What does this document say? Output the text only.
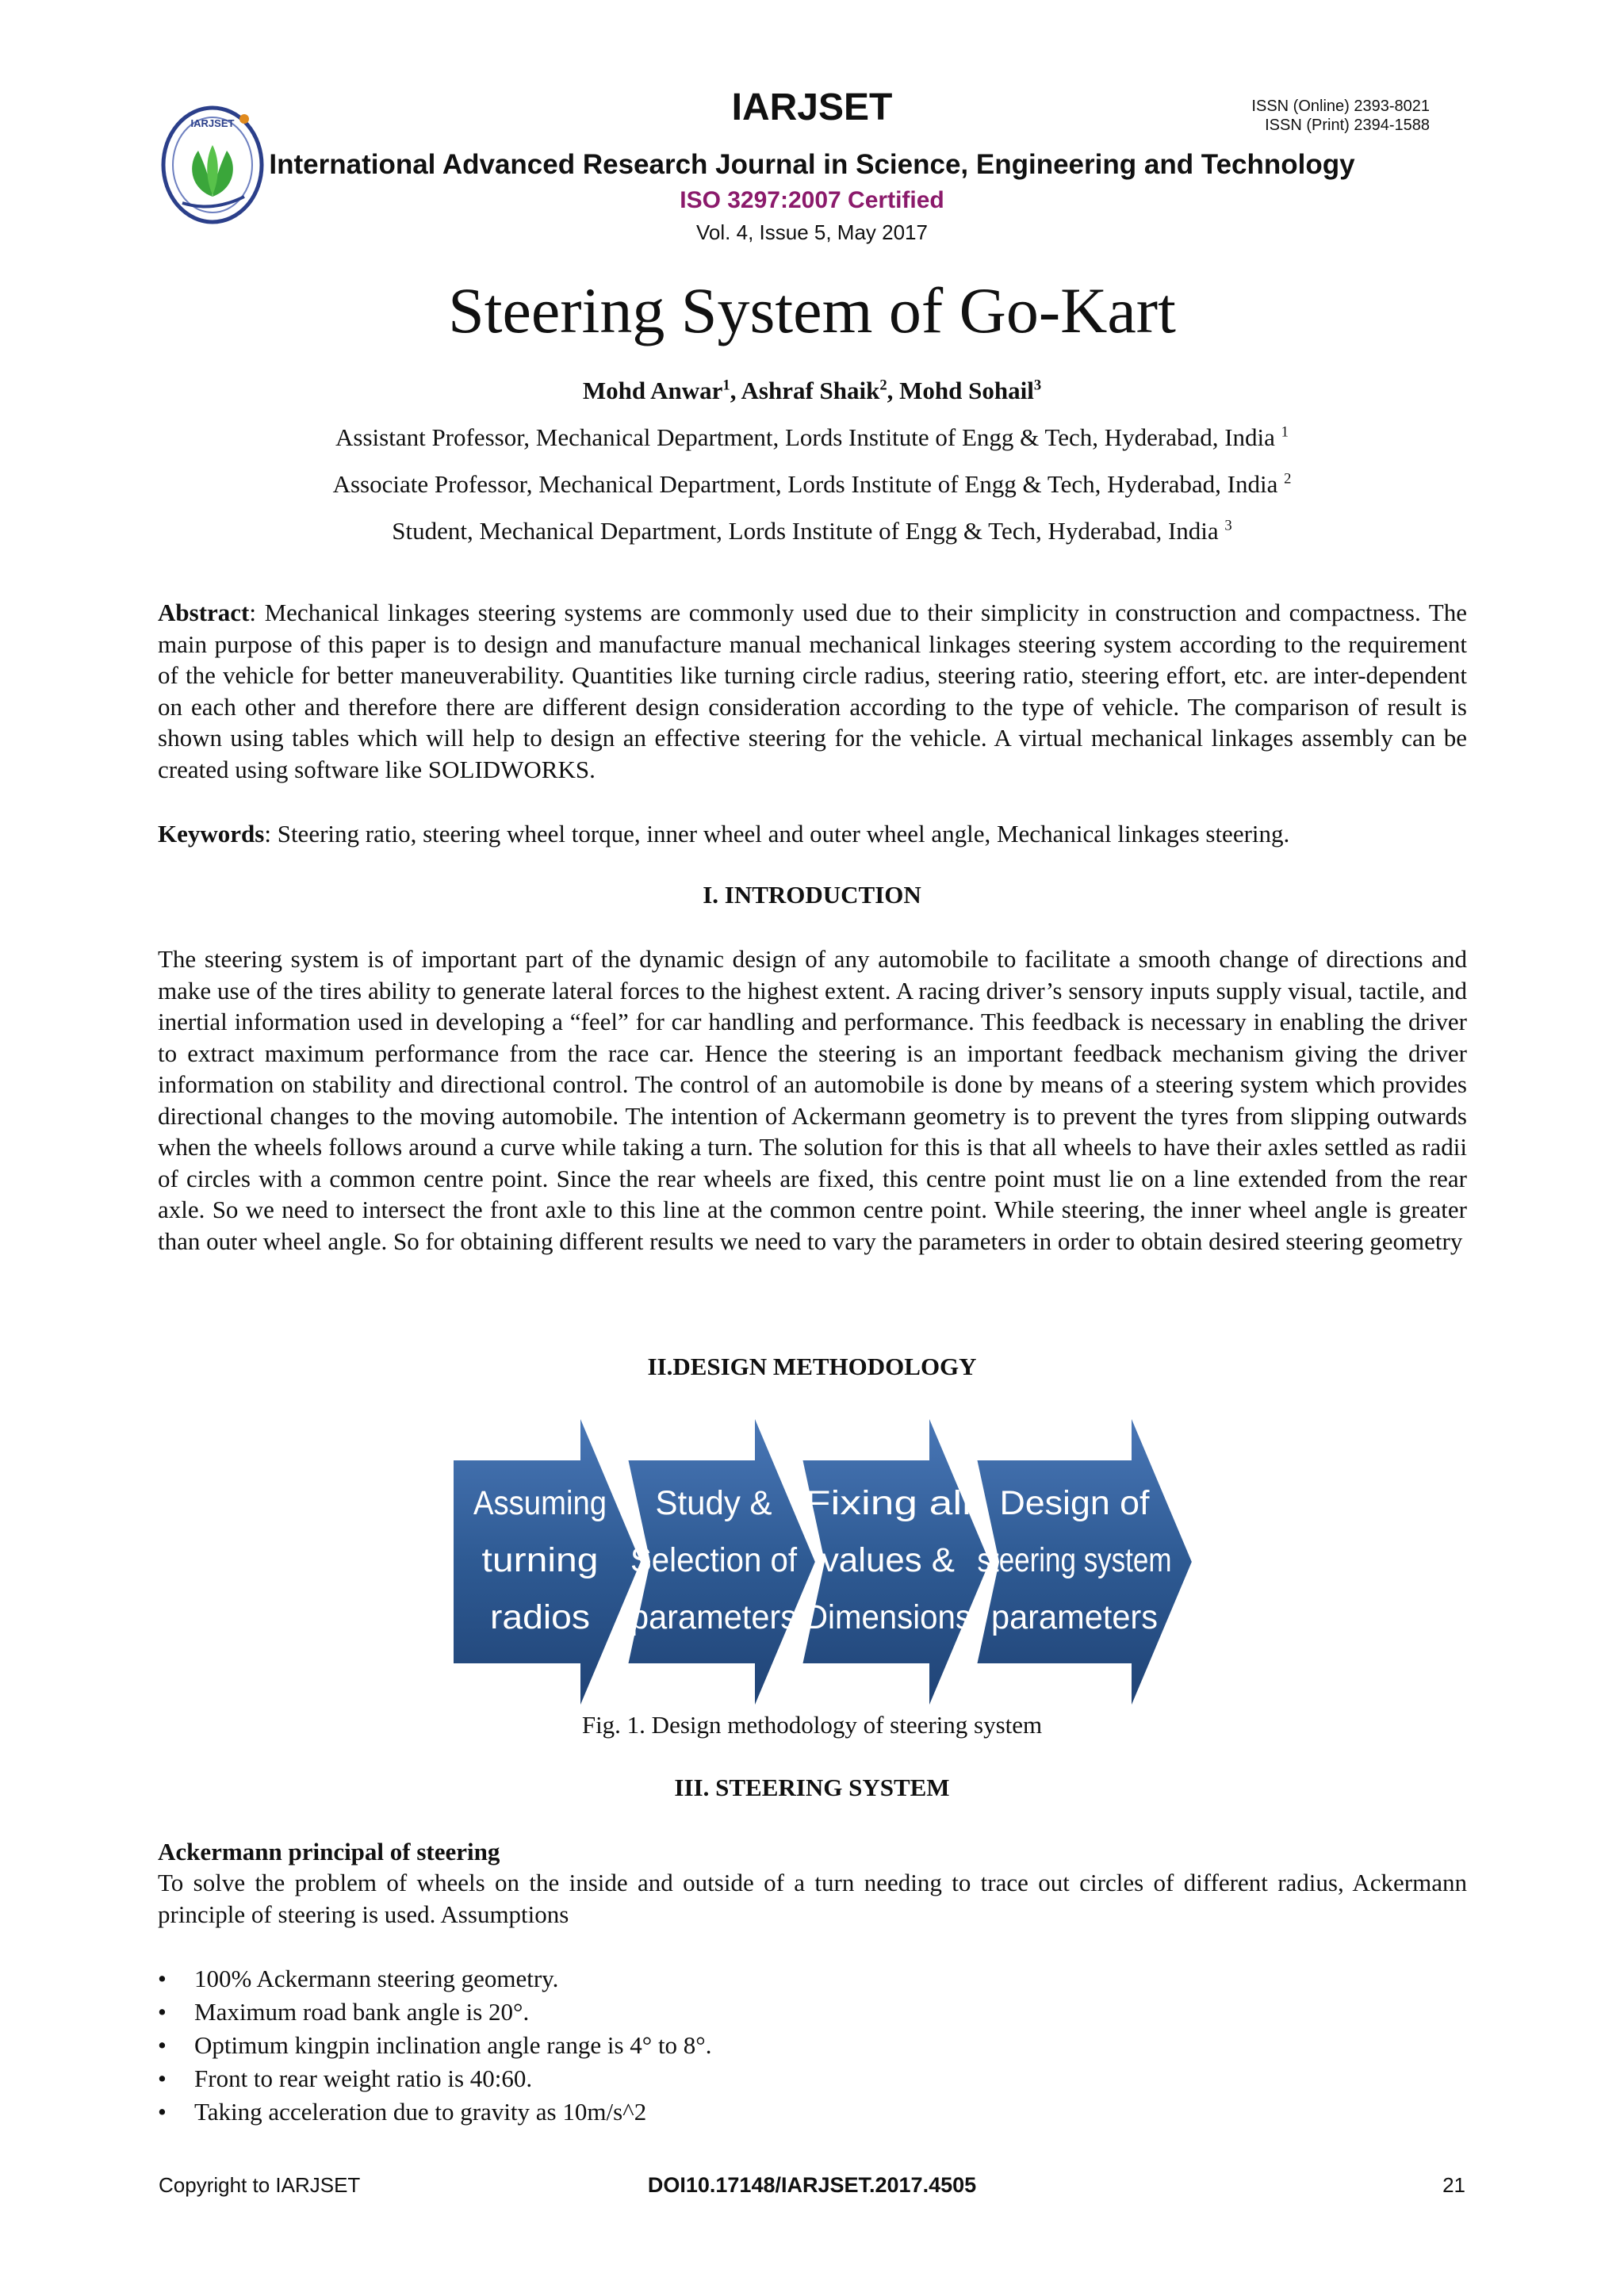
IARJSET	IARJSET	ISSN (Online) 2393-8021
ISSN (Print) 2394-1588
International Advanced Research Journal in Science, Engineering and Technology
ISO 3297:2007 Certified
Vol. 4, Issue 5, May 2017
Steering System of Go-Kart
Mohd Anwar$^1$, Ashraf Shaik$^2$, Mohd Sohail$^3$
Assistant Professor, Mechanical Department, Lords Institute of Engg & Tech, Hyderabad, India $^1$
Associate Professor, Mechanical Department, Lords Institute of Engg & Tech, Hyderabad, India $^2$
Student, Mechanical Department, Lords Institute of Engg & Tech, Hyderabad, India $^3$

Abstract: Mechanical linkages steering systems are commonly used due to their simplicity in construction and compactness. The main purpose of this paper is to design and manufacture manual mechanical linkages steering system according to the requirement of the vehicle for better maneuverability. Quantities like turning circle radius, steering ratio, steering effort, etc. are inter-dependent on each other and therefore there are different design consideration according to the type of vehicle. The comparison of result is shown using tables which will help to design an effective steering for the vehicle. A virtual mechanical linkages assembly can be created using software like SOLIDWORKS.

Keywords: Steering ratio, steering wheel torque, inner wheel and outer wheel angle, Mechanical linkages steering.

I. INTRODUCTION

The steering system is of important part of the dynamic design of any automobile to facilitate a smooth change of directions and make use of the tires ability to generate lateral forces to the highest extent. A racing driver’s sensory inputs supply visual, tactile, and inertial information used in developing a “feel” for car handling and performance. This feedback is necessary in enabling the driver to extract maximum performance from the race car. Hence the steering is an important feedback mechanism giving the driver information on stability and directional control. The control of an automobile is done by means of a steering system which provides directional changes to the moving automobile. The intention of Ackermann geometry is to prevent the tyres from slipping outwards when the wheels follows around a curve while taking a turn. The solution for this is that all wheels to have their axles settled as radii of circles with a common centre point. Since the rear wheels are fixed, this centre point must lie on a line extended from the rear axle. So we need to intersect the front axle to this line at the common centre point. While steering, the inner wheel angle is greater than outer wheel angle. So for obtaining different results we need to vary the parameters in order to obtain desired steering geometry

II.DESIGN METHODOLOGY
Assuming
turning
radios
Study &
Selection of
parameters
Fixing all
values &
Dimensions
Design of
steering system
parameters
Fig. 1. Design methodology of steering system
III. STEERING SYSTEM

Ackermann principal of steering

To solve the problem of wheels on the inside and outside of a turn needing to trace out circles of different radius, Ackermann principle of steering is used. Assumptions

• 100% Ackermann steering geometry.
• Maximum road bank angle is 20°.
• Optimum kingpin inclination angle range is 4° to 8°.
• Front to rear weight ratio is 40:60.
• Taking acceleration due to gravity as 10m/s^2
Copyright to IARJSET	DOI10.17148/IARJSET.2017.4505	21
